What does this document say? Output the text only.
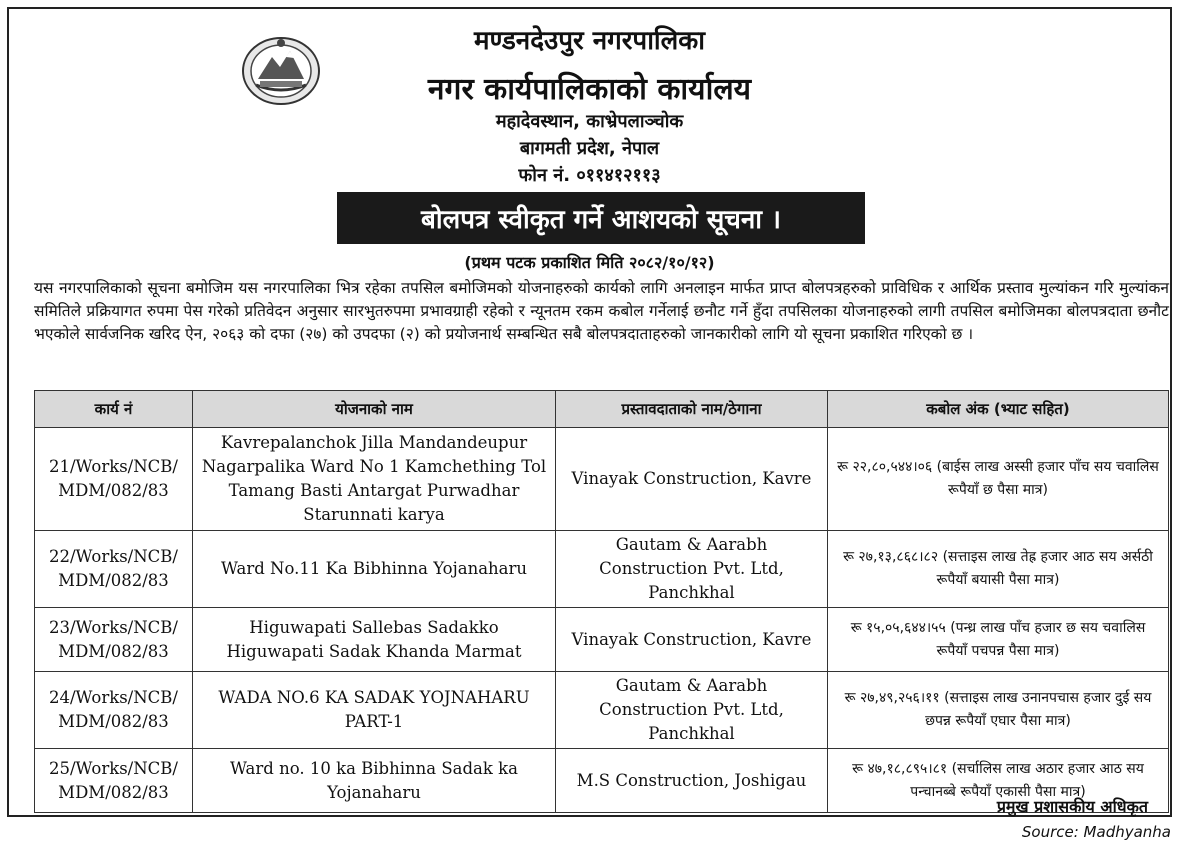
मण्डनदेउपुर नगरपालिका
नगर कार्यपालिकाको कार्यालय
महादेवस्थान, काभ्रेपलाञ्चोक
बागमती प्रदेश, नेपाल
फोन नं. ०११४१२११३
बोलपत्र स्वीकृत गर्ने आशयको सूचना ।
(प्रथम पटक प्रकाशित मिति २०८२/१०/१२)
यस नगरपालिकाको सूचना बमोजिम यस नगरपालिका भित्र रहेका तपसिल बमोजिमको योजनाहरुको कार्यको लागि अनलाइन मार्फत प्राप्त बोलपत्रहरुको प्राविधिक र आर्थिक प्रस्ताव मुल्यांकन गरि मुल्यांकन समितिले प्रक्रियागत रुपमा पेस गरेको प्रतिवेदन अनुसार सारभुतरुपमा प्रभावग्राही रहेको र न्यूनतम रकम कबोल गर्नेलाई छनौट गर्ने हुँदा तपसिलका योजनाहरुको लागी तपसिल बमोजिमका बोलपत्रदाता छनौट भएकोले सार्वजनिक खरिद ऐन, २०६३ को दफा (२७) को उपदफा (२) को प्रयोजनार्थ सम्बन्धित सबै बोलपत्रदाताहरुको जानकारीको लागि यो सूचना प्रकाशित गरिएको छ ।
कार्य नं	योजनाको नाम	प्रस्तावदाताको नाम/ठेगाना	कबोल अंक (भ्याट सहित)
21/Works/NCB/ MDM/082/83	Kavrepalanchok Jilla Mandandeupur Nagarpalika Ward No 1 Kamchething Tol Tamang Basti Antargat Purwadhar Starunnati karya	Vinayak Construction, Kavre	रू २२,८०,५४४।०६ (बाईस लाख अस्सी हजार पाँच सय चवालिस रूपैयाँ छ पैसा मात्र)
22/Works/NCB/ MDM/082/83	Ward No.11 Ka Bibhinna Yojanaharu	Gautam & Aarabh Construction Pvt. Ltd, Panchkhal	रू २७,१३,८६८।८२ (सत्ताइस लाख तेह्र हजार आठ सय अर्सठी रूपैयाँ बयासी पैसा मात्र)
23/Works/NCB/ MDM/082/83	Higuwapati Sallebas Sadakko Higuwapati Sadak Khanda Marmat	Vinayak Construction, Kavre	रू १५,०५,६४४।५५ (पन्ध्र लाख पाँच हजार छ सय चवालिस रूपैयाँ पचपन्न पैसा मात्र)
24/Works/NCB/ MDM/082/83	WADA NO.6 KA SADAK YOJNAHARU PART-1	Gautam & Aarabh Construction Pvt. Ltd, Panchkhal	रू २७,४९,२५६।११ (सत्ताइस लाख उनानपचास हजार दुई सय छपन्न रूपैयाँ एघार पैसा मात्र)
25/Works/NCB/ MDM/082/83	Ward no. 10 ka Bibhinna Sadak ka Yojanaharu	M.S Construction, Joshigau	रू ४७,१८,८९५।८१ (सर्चालिस लाख अठार हजार आठ सय पन्चानब्बे रूपैयाँ एकासी पैसा मात्र)
प्रमुख प्रशासकीय अधिकृत
Source: Madhyanha
